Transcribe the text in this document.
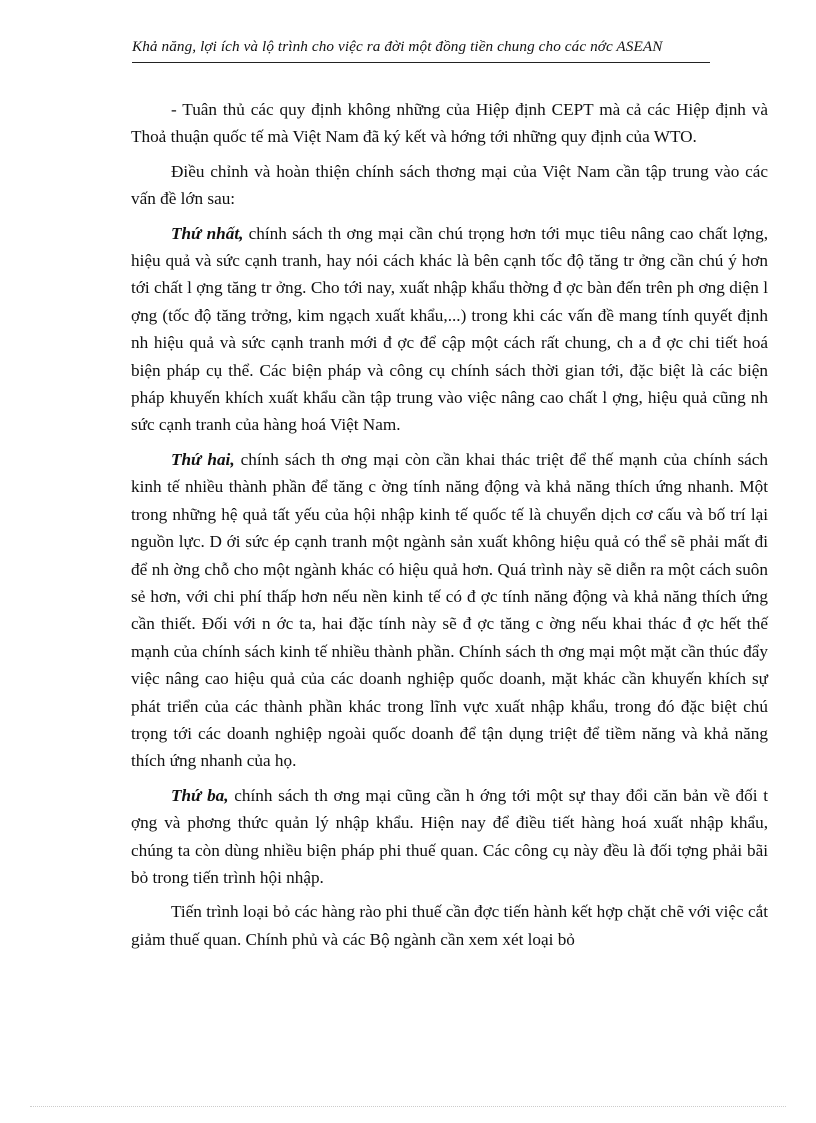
Khả năng, lợi ích và lộ trình cho việc ra đời một đồng tiền chung cho các nớc ASEAN

- Tuân thủ các quy định không những của Hiệp định CEPT mà cả các Hiệp định và Thoả thuận quốc tế mà Việt Nam đã ký kết và hớng tới những quy định của WTO.

Điều chỉnh và hoàn thiện chính sách thơng mại của Việt Nam cần tập trung vào các vấn đề lớn sau:

Thứ nhất, chính sách th ơng mại cần chú trọng hơn tới mục tiêu nâng cao chất lợng, hiệu quả và sức cạnh tranh, hay nói cách khác là bên cạnh tốc độ tăng tr ởng cần chú ý hơn tới chất l ợng tăng tr ởng. Cho tới nay, xuất nhập khẩu thờng đ ợc bàn đến trên ph ơng diện l ợng (tốc độ tăng trởng, kim ngạch xuất khẩu,...) trong khi các vấn đề mang tính quyết định nh hiệu quả và sức cạnh tranh mới đ ợc để cập một cách rất chung, ch a đ ợc chi tiết hoá biện pháp cụ thể. Các biện pháp và công cụ chính sách thời gian tới, đặc biệt là các biện pháp khuyến khích xuất khẩu cần tập trung vào việc nâng cao chất l ợng, hiệu quả cũng nh sức cạnh tranh của hàng hoá Việt Nam.

Thứ hai, chính sách th ơng mại còn cần khai thác triệt để thế mạnh của chính sách kinh tế nhiều thành phần để tăng c ờng tính năng động và khả năng thích ứng nhanh. Một trong những hệ quả tất yếu của hội nhập kinh tế quốc tế là chuyển dịch cơ cấu và bố trí lại nguồn lực. D ới sức ép cạnh tranh một ngành sản xuất không hiệu quả có thể sẽ phải mất đi để nh ờng chỗ cho một ngành khác có hiệu quả hơn. Quá trình này sẽ diễn ra một cách suôn sẻ hơn, với chi phí thấp hơn nếu nền kinh tế có đ ợc tính năng động và khả năng thích ứng cần thiết. Đối với n ớc ta, hai đặc tính này sẽ đ ợc tăng c ờng nếu khai thác đ ợc hết thế mạnh của chính sách kinh tế nhiều thành phần. Chính sách th ơng mại một mặt cần thúc đẩy việc nâng cao hiệu quả của các doanh nghiệp quốc doanh, mặt khác cần khuyến khích sự phát triển của các thành phần khác trong lĩnh vực xuất nhập khẩu, trong đó đặc biệt chú trọng tới các doanh nghiệp ngoài quốc doanh để tận dụng triệt để tiềm năng và khả năng thích ứng nhanh của họ.

Thứ ba, chính sách th ơng mại cũng cần h ớng tới một sự thay đổi căn bản về đối t ợng và phơng thức quản lý nhập khẩu. Hiện nay để điều tiết hàng hoá xuất nhập khẩu, chúng ta còn dùng nhiều biện pháp phi thuế quan. Các công cụ này đều là đối tợng phải bãi bỏ trong tiến trình hội nhập.

Tiến trình loại bỏ các hàng rào phi thuế cần đợc tiến hành kết hợp chặt chẽ với việc cắt giảm thuế quan. Chính phủ và các Bộ ngành cần xem xét loại bỏ
